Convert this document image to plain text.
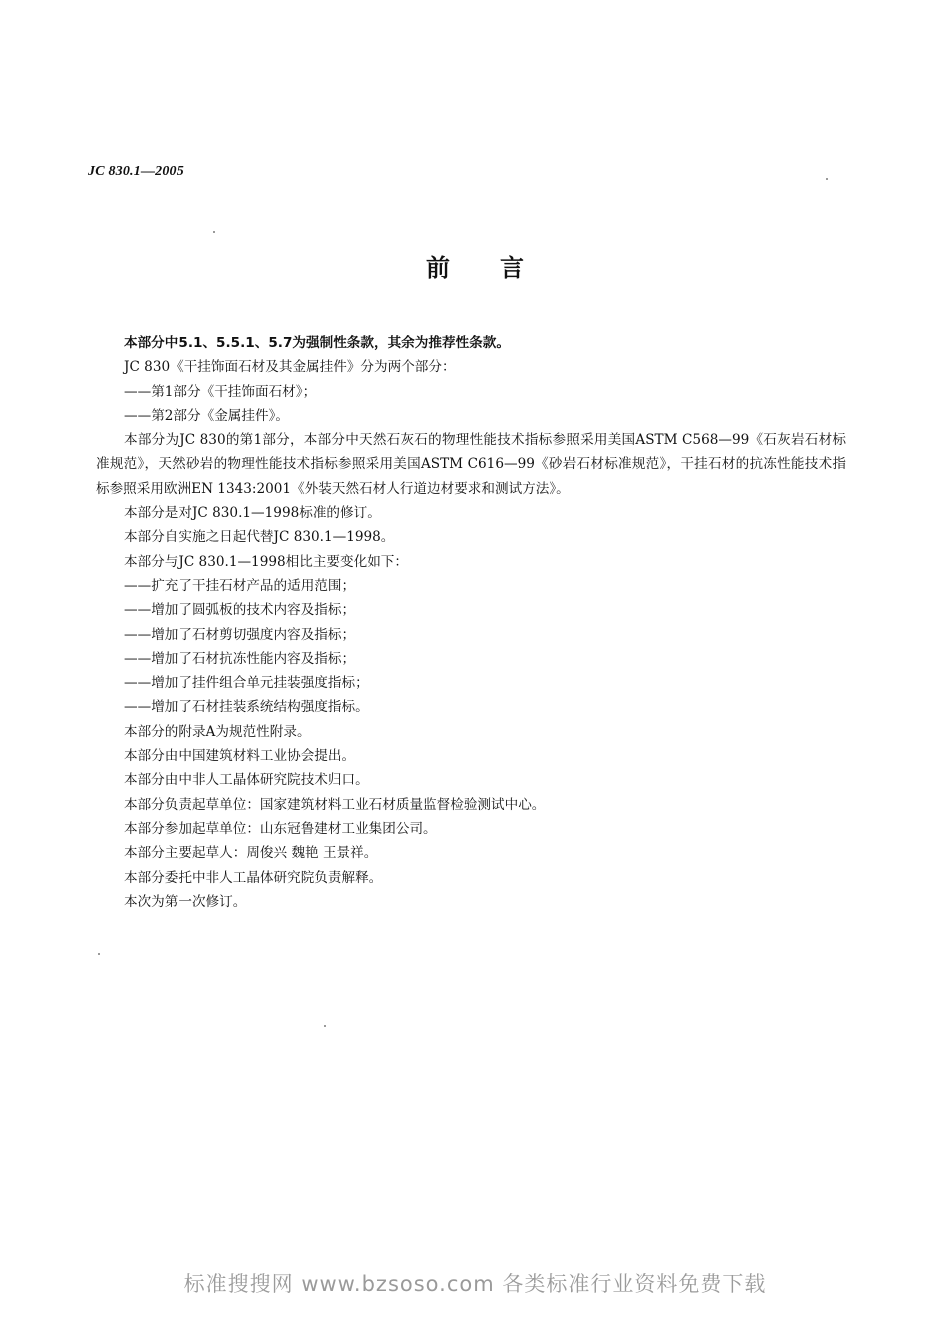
JC 830.1—2005
前言

本部分中5.1、5.5.1、5.7为强制性条款，其余为推荐性条款。

JC 830《干挂饰面石材及其金属挂件》分为两个部分：

——第1部分《干挂饰面石材》；

——第2部分《金属挂件》。

本部分为JC 830的第1部分，本部分中天然石灰石的物理性能技术指标参照采用美国ASTM C568—99《石灰岩石材标准规范》，天然砂岩的物理性能技术指标参照采用美国ASTM C616—99《砂岩石材标准规范》，干挂石材的抗冻性能技术指标参照采用欧洲EN 1343:2001《外装天然石材人行道边材要求和测试方法》。

本部分是对JC 830.1—1998标准的修订。

本部分自实施之日起代替JC 830.1—1998。

本部分与JC 830.1—1998相比主要变化如下：

——扩充了干挂石材产品的适用范围；

——增加了圆弧板的技术内容及指标；

——增加了石材剪切强度内容及指标；

——增加了石材抗冻性能内容及指标；

——增加了挂件组合单元挂装强度指标；

——增加了石材挂装系统结构强度指标。

本部分的附录A为规范性附录。

本部分由中国建筑材料工业协会提出。

本部分由中非人工晶体研究院技术归口。

本部分负责起草单位：国家建筑材料工业石材质量监督检验测试中心。

本部分参加起草单位：山东冠鲁建材工业集团公司。

本部分主要起草人：周俊兴 魏艳 王景祥。

本部分委托中非人工晶体研究院负责解释。

本次为第一次修订。

标准搜搜网 www.bzsoso.com 各类标准行业资料免费下载
